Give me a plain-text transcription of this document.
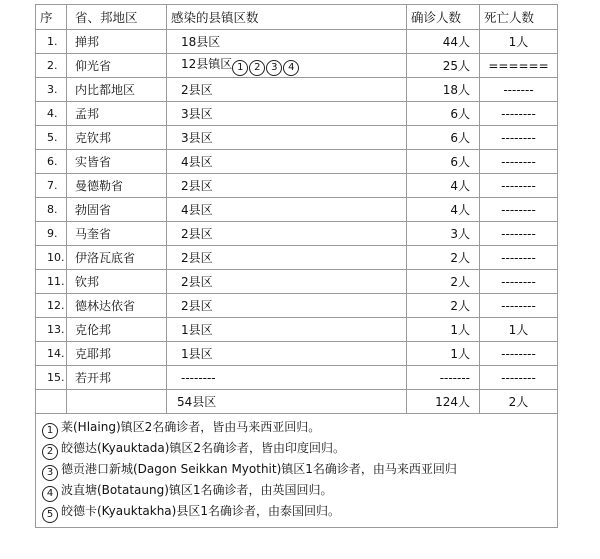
序	省、邦地区	感染的县镇区数	确诊人数	死亡人数
1.	掸邦	18县区	44人	1人
2.	仰光省	12县镇区 1 2 3 4	25人	======
3.	内比都地区	2县区	18人	-------
4.	孟邦	3县区	6人	--------
5.	克钦邦	3县区	6人	--------
6.	实皆省	4县区	6人	--------
7.	曼德勒省	2县区	4人	--------
8.	勃固省	4县区	4人	--------
9.	马奎省	2县区	3人	--------
10.	伊洛瓦底省	2县区	2人	--------
11.	钦邦	2县区	2人	--------
12.	德林达依省	2县区	2人	--------
13.	克伦邦	1县区	1人	1人
14.	克耶邦	1县区	1人	--------
15.	若开邦	--------	-------	--------
		54县区	124人	2人

1 莱(Hlaing)镇区2名确诊者，皆由马来西亚回归。
2 皎德达(Kyauktada)镇区2名确诊者，皆由印度回归。
3 德贡港口新城(Dagon Seikkan Myothit)镇区1名确诊者，由马来西亚回归
4 波直塘(Botataung)镇区1名确诊者，由英国回归。
5 皎德卡(Kyauktakha)县区1名确诊者，由泰国回归。				
